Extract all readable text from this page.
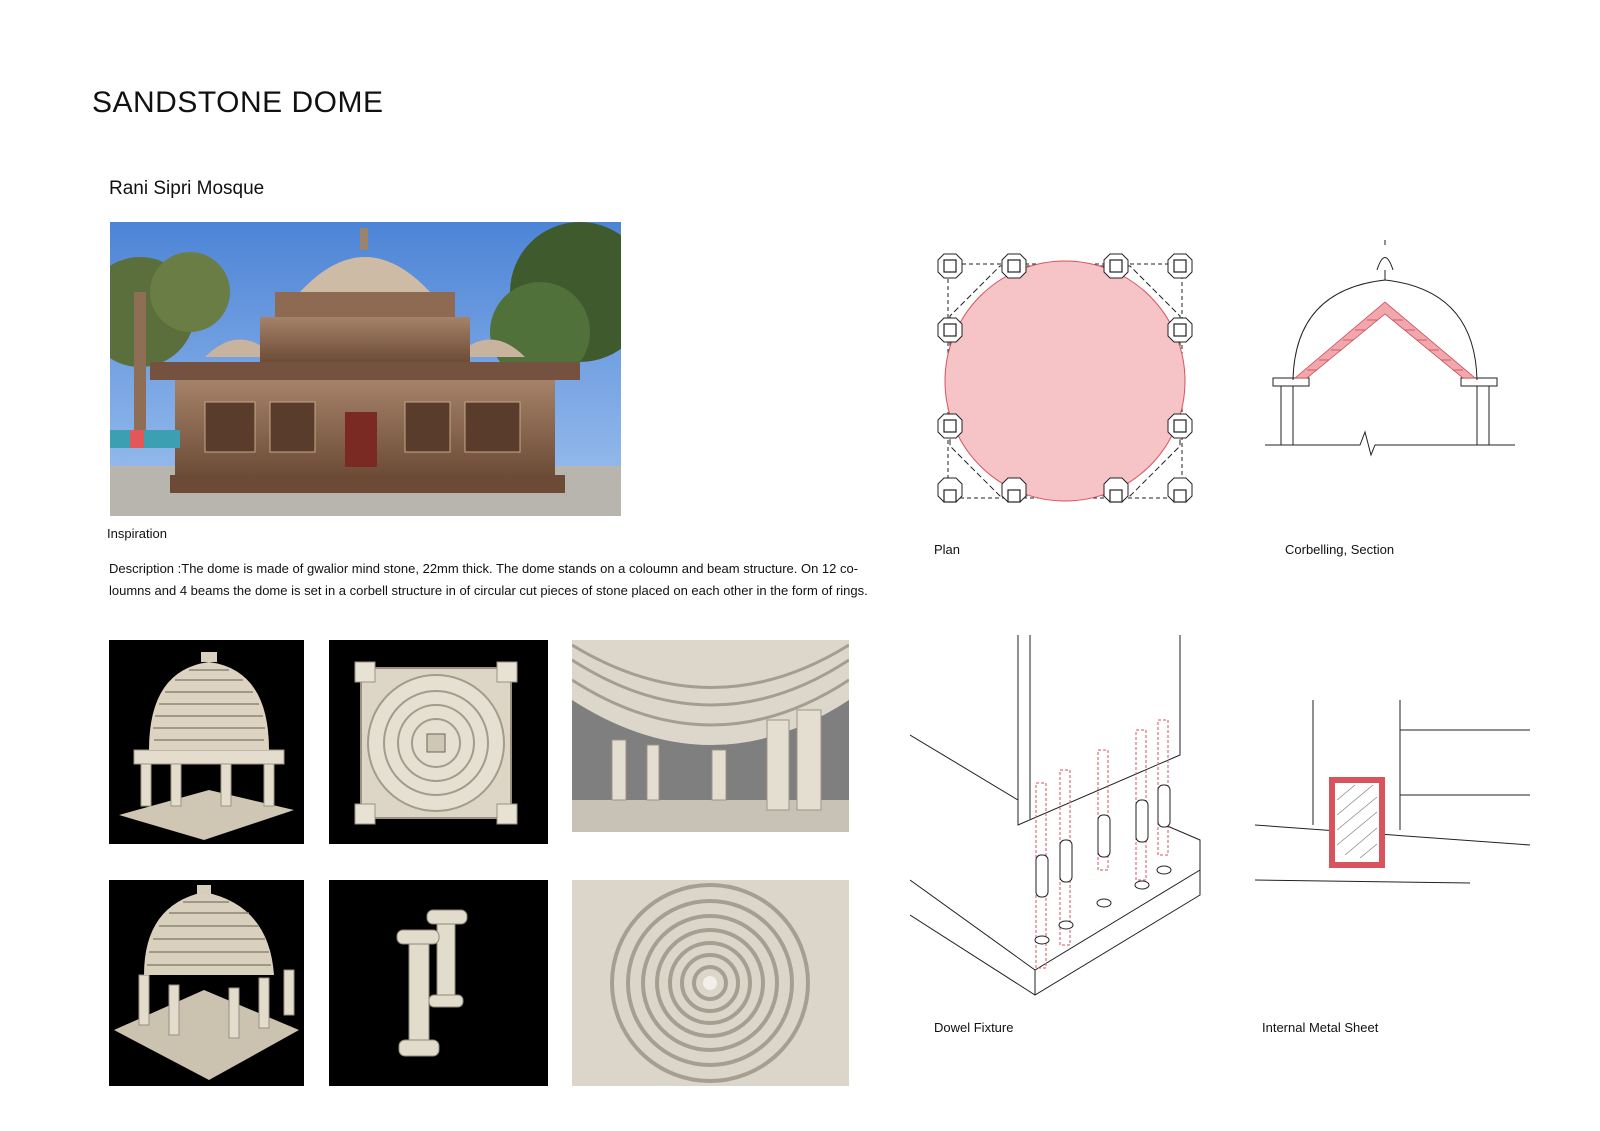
SANDSTONE DOME
Rani Sipri Mosque
Inspiration
Description :The dome is made of gwalior mind stone, 22mm thick. The dome stands on a coloumn and beam structure. On 12 co-loumns and 4 beams the dome is set in a corbell structure in of circular cut pieces of stone placed on each other in the form of rings.
Plan	Corbelling, Section
Dowel Fixture	Internal Metal Sheet
